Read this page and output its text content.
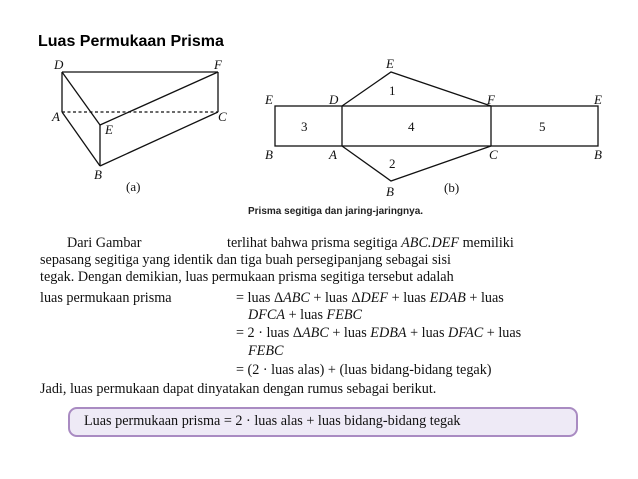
Luas Permukaan Prisma
D	F
A
E
C
B
E
E	D	F	E
B	A	C	B
B
1
2
3	4	5
(a)	(b)
Prisma segitiga dan jaring-jaringnya.
Dari Gambar	terlihat bahwa prisma segitiga ABC.DEF memiliki
sepasang segitiga yang identik dan tiga buah persegipanjang sebagai sisi
tegak. Dengan demikian, luas permukaan prisma segitiga tersebut adalah
luas permukaan prisma	= luas ΔABC + luas ΔDEF + luas EDAB + luas
DFCA + luas FEBC
= 2 · luas ΔABC + luas EDBA + luas DFAC + luas
FEBC
= (2 · luas alas) + (luas bidang-bidang tegak)
Jadi, luas permukaan dapat dinyatakan dengan rumus sebagai berikut.
Luas permukaan prisma = 2 · luas alas + luas bidang-bidang tegak
